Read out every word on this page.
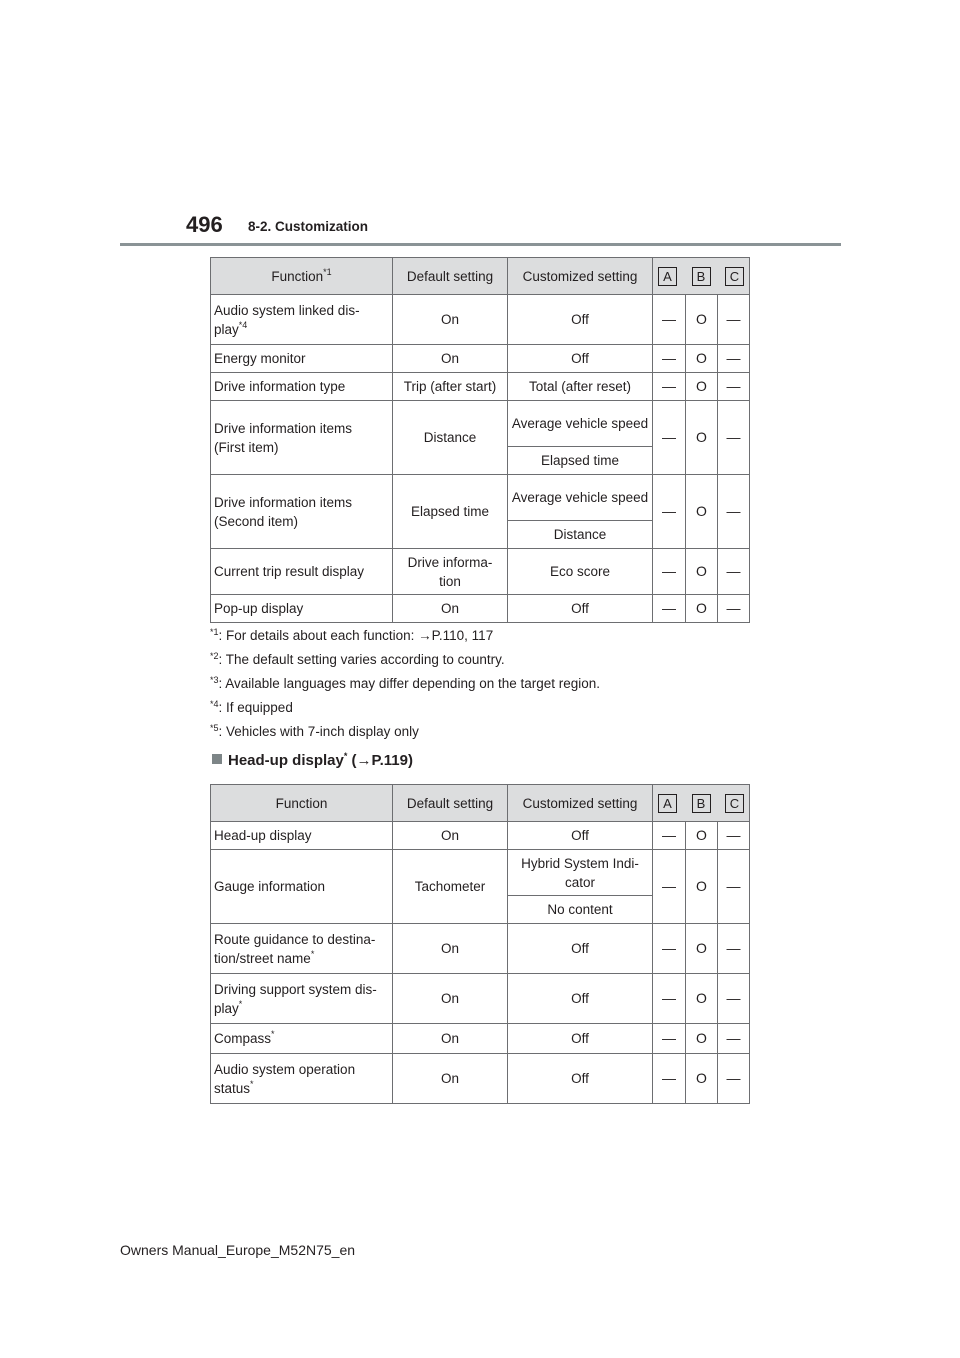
496 8-2. Customization
Function$^{*1}$	Default setting	Customized setting	A B C		

Audio system linked dis-
play$^{*4}$	On	Off	—	O	—
Energy monitor	On	Off	—	O	—
Drive information type	Trip (after start)	Total (after reset)	—	O	—
Drive information items
(First item)	Distance	Average vehicle speed	—	O	—
		Elapsed time			
Drive information items
(Second item)	Elapsed time	Average vehicle speed	—	O	—
		Distance			
Current trip result display	Drive informa-
tion	Eco score	—	O	—
Pop-up display	On	Off	—	O	—
$^{*1}$: For details about each function: →P.110, 117
$^{*2}$: The default setting varies according to country.
$^{*3}$: Available languages may differ depending on the target region.
$^{*4}$: If equipped
$^{*5}$: Vehicles with 7-inch display only
Head-up display* (→P.119)
Function	Default setting	Customized setting	A B C		

Head-up display	On	Off	—	O	—
Gauge information	Tachometer	Hybrid System Indi-
cator	—	O	—
		No content			
Route guidance to destina-
tion/street name*	On	Off	—	O	—
Driving support system dis-
play*	On	Off	—	O	—
Compass*	On	Off	—	O	—
Audio system operation
status*	On	Off	—	O	—
Owners Manual_Europe_M52N75_en
